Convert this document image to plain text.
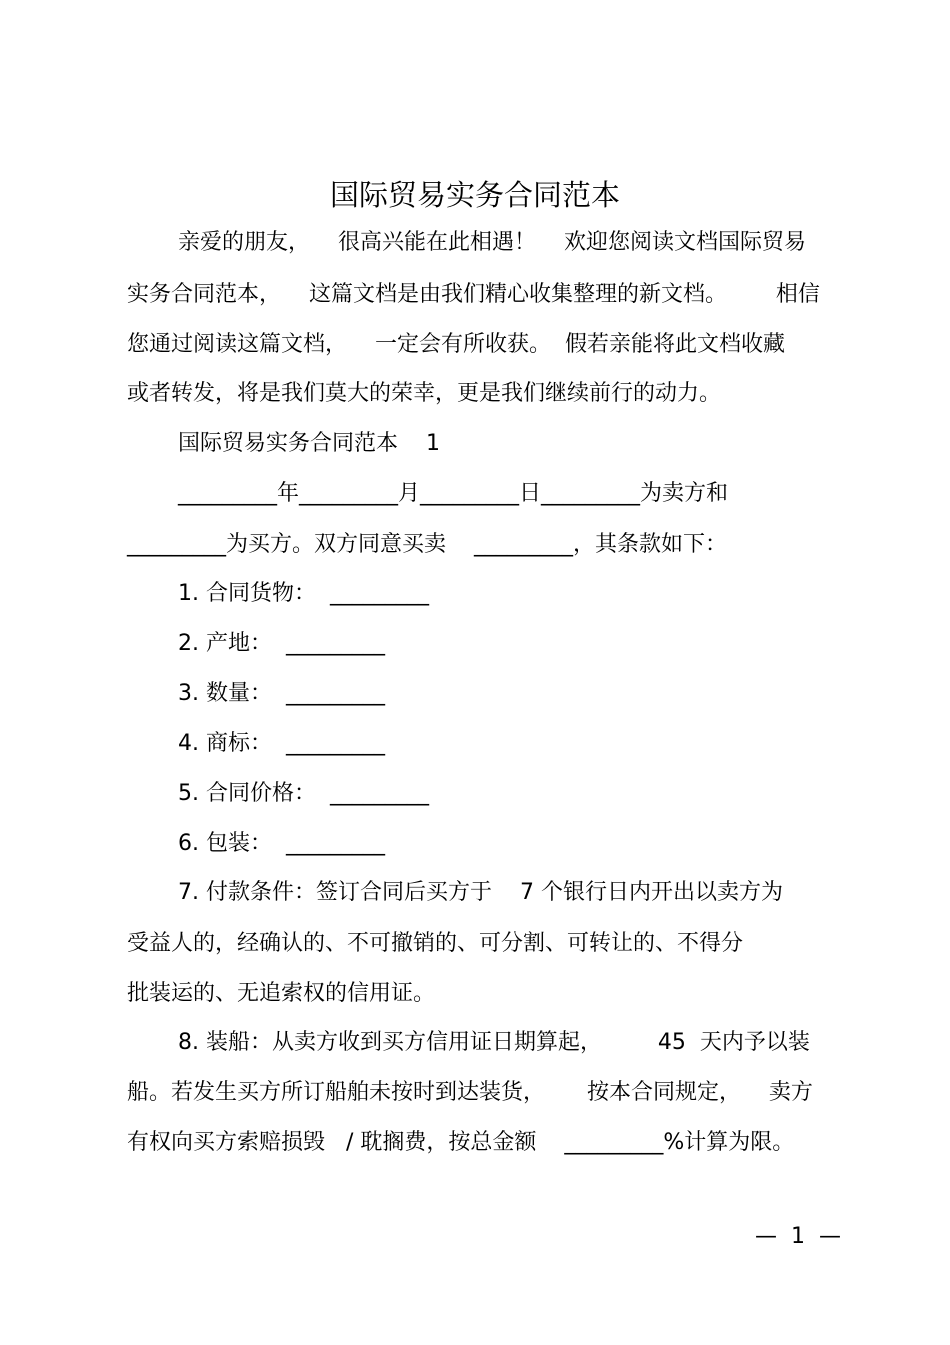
国际贸易实务合同范本
亲爱的朋友，    很高兴能在此相遇！    欢迎您阅读文档国际贸易
实务合同范本，    这篇文档是由我们精心收集整理的新文档。       相信
您通过阅读这篇文档，    一定会有所收获。  假若亲能将此文档收藏
或者转发，将是我们莫大的荣幸，更是我们继续前行的动力。
国际贸易实务合同范本    1
_________年_________月_________日_________为卖方和
_________为买方。双方同意买卖    _________，其条款如下：
1. 合同货物：  _________
2. 产地：  _________
3. 数量：  _________
4. 商标：  _________
5. 合同价格：  _________
6. 包装：  _________
7. 付款条件：签订合同后买方于    7 个银行日内开出以卖方为
受益人的，经确认的、不可撤销的、可分割、可转让的、不得分
批装运的、无追索权的信用证。
8. 装船：从卖方收到买方信用证日期算起，        45  天内予以装
船。若发生买方所订船舶未按时到达装货，      按本合同规定，    卖方
有权向买方索赔损毁   / 耽搁费，按总金额    _________%计算为限。
—  1  —
